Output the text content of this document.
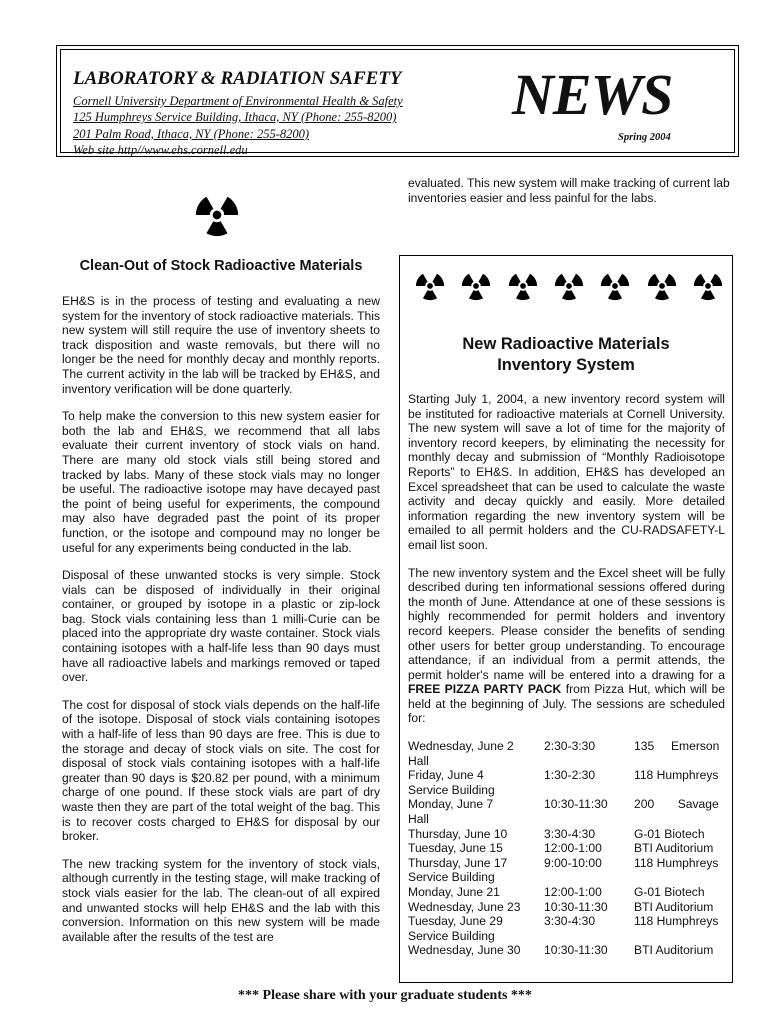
LABORATORY & RADIATION SAFETY
Cornell University Department of Environmental Health & Safety
125 Humphreys Service Building, Ithaca, NY (Phone: 255-8200)
201 Palm Road, Ithaca, NY (Phone: 255-8200)
Web site http//www.ehs.cornell.edu
NEWS
Spring 2004
evaluated. This new system will make tracking of current lab inventories easier and less painful for the labs.
Clean-Out of Stock Radioactive Materials

EH&S is in the process of testing and evaluating a new system for the inventory of stock radioactive materials. This new system will still require the use of inventory sheets to track disposition and waste removals, but there will no longer be the need for monthly decay and monthly reports. The current activity in the lab will be tracked by EH&S, and inventory verification will be done quarterly.

To help make the conversion to this new system easier for both the lab and EH&S, we recommend that all labs evaluate their current inventory of stock vials on hand. There are many old stock vials still being stored and tracked by labs. Many of these stock vials may no longer be useful. The radioactive isotope may have decayed past the point of being useful for experiments, the compound may also have degraded past the point of its proper function, or the isotope and compound may no longer be useful for any experiments being conducted in the lab.

Disposal of these unwanted stocks is very simple. Stock vials can be disposed of individually in their original container, or grouped by isotope in a plastic or zip-lock bag. Stock vials containing less than 1 milli-Curie can be placed into the appropriate dry waste container. Stock vials containing isotopes with a half-life less than 90 days must have all radioactive labels and markings removed or taped over.

The cost for disposal of stock vials depends on the half-life of the isotope. Disposal of stock vials containing isotopes with a half-life of less than 90 days are free. This is due to the storage and decay of stock vials on site. The cost for disposal of stock vials containing isotopes with a half-life greater than 90 days is $20.82 per pound, with a minimum charge of one pound. If these stock vials are part of dry waste then they are part of the total weight of the bag. This is to recover costs charged to EH&S for disposal by our broker.

The new tracking system for the inventory of stock vials, although currently in the testing stage, will make tracking of stock vials easier for the lab. The clean-out of all expired and unwanted stocks will help EH&S and the lab with this conversion. Information on this new system will be made available after the results of the test are

New Radioactive Materials
Inventory System

Starting July 1, 2004, a new inventory record system will be instituted for radioactive materials at Cornell University. The new system will save a lot of time for the majority of inventory record keepers, by eliminating the necessity for monthly decay and submission of “Monthly Radioisotope Reports” to EH&S. In addition, EH&S has developed an Excel spreadsheet that can be used to calculate the waste activity and decay quickly and easily. More detailed information regarding the new inventory system will be emailed to all permit holders and the CU-RADSAFETY-L email list soon.

The new inventory system and the Excel sheet will be fully described during ten informational sessions offered during the month of June. Attendance at one of these sessions is highly recommended for permit holders and inventory record keepers. Please consider the benefits of sending other users for better group understanding. To encourage attendance, if an individual from a permit attends, the permit holder's name will be entered into a drawing for a FREE PIZZA PARTY PACK from Pizza Hut, which will be held at the beginning of July. The sessions are scheduled for:

Wednesday, June 2 2:30-3:30	135     Emerson
Hall
Friday, June 4	1:30-2:30	118 Humphreys
Service Building
Monday, June 7	10:30-11:30 200       Savage
Hall
Thursday, June 10	3:30-4:30	G-01 Biotech
Tuesday, June 15	12:00-1:00	BTI Auditorium
Thursday, June 17	9:00-10:00	118 Humphreys
Service Building
Monday, June 21	12:00-1:00	G-01 Biotech
Wednesday, June 23 10:30-11:30 BTI Auditorium
Tuesday, June 29	3:30-4:30	118 Humphreys
Service Building
Wednesday, June 30 10:30-11:30 BTI Auditorium
*** Please share with your graduate students ***
